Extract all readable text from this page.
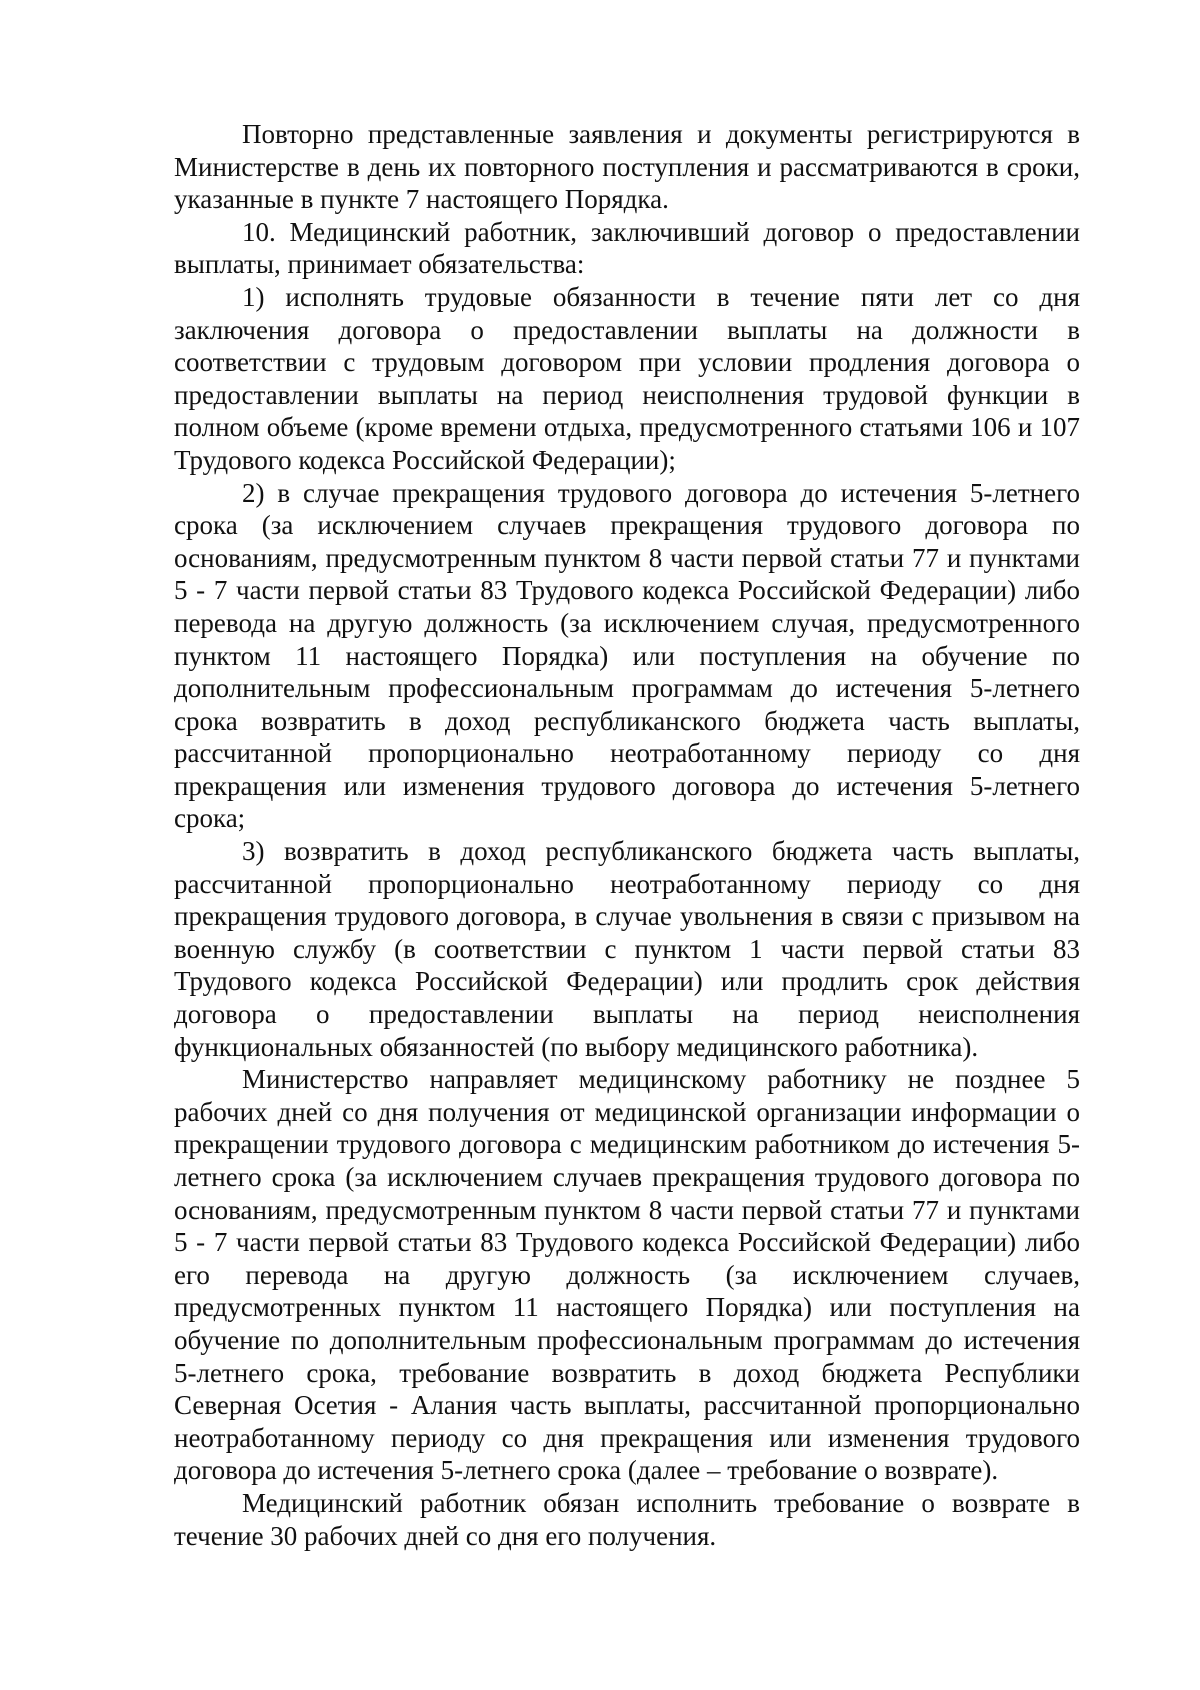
Повторно представленные заявления и документы регистрируются в Министерстве в день их повторного поступления и рассматриваются в сроки, указанные в пункте 7 настоящего Порядка.

10. Медицинский работник, заключивший договор о предоставлении выплаты, принимает обязательства:

1) исполнять трудовые обязанности в течение пяти лет со дня заключения договора о предоставлении выплаты на должности в соответствии с трудовым договором при условии продления договора о предоставлении выплаты на период неисполнения трудовой функции в полном объеме (кроме времени отдыха, предусмотренного статьями 106 и 107 Трудового кодекса Российской Федерации);

2) в случае прекращения трудового договора до истечения 5-летнего срока (за исключением случаев прекращения трудового договора по основаниям, предусмотренным пунктом 8 части первой статьи 77 и пунктами 5 - 7 части первой статьи 83 Трудового кодекса Российской Федерации) либо перевода на другую должность (за исключением случая, предусмотренного пунктом 11 настоящего Порядка) или поступления на обучение по дополнительным профессиональным программам до истечения 5-летнего срока возвратить в доход республиканского бюджета часть выплаты, рассчитанной пропорционально неотработанному периоду со дня прекращения или изменения трудового договора до истечения 5-летнего срока;

3) возвратить в доход республиканского бюджета часть выплаты, рассчитанной пропорционально неотработанному периоду со дня прекращения трудового договора, в случае увольнения в связи с призывом на военную службу (в соответствии с пунктом 1 части первой статьи 83 Трудового кодекса Российской Федерации) или продлить срок действия договора о предоставлении выплаты на период неисполнения функциональных обязанностей (по выбору медицинского работника).

Министерство направляет медицинскому работнику не позднее 5 рабочих дней со дня получения от медицинской организации информации о прекращении трудового договора с медицинским работником до истечения 5-летнего срока (за исключением случаев прекращения трудового договора по основаниям, предусмотренным пунктом 8 части первой статьи 77 и пунктами 5 - 7 части первой статьи 83 Трудового кодекса Российской Федерации) либо его перевода на другую должность (за исключением случаев, предусмотренных пунктом 11 настоящего Порядка) или поступления на обучение по дополнительным профессиональным программам до истечения 5-летнего срока, требование возвратить в доход бюджета Республики Северная Осетия - Алания часть выплаты, рассчитанной пропорционально неотработанному периоду со дня прекращения или изменения трудового договора до истечения 5-летнего срока (далее – требование о возврате).

Медицинский работник обязан исполнить требование о возврате в течение 30 рабочих дней со дня его получения.
